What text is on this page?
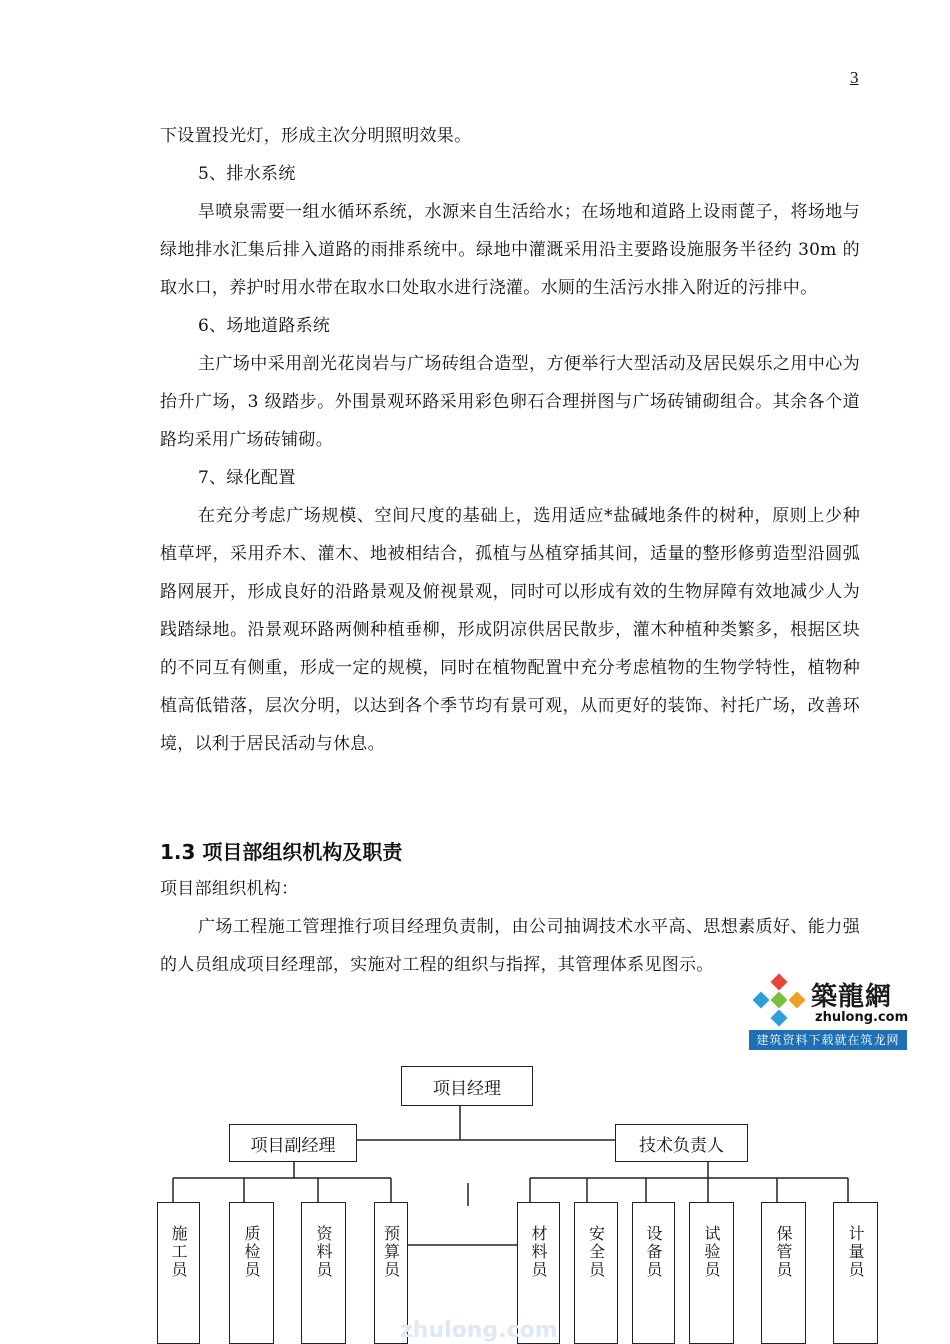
3

下设置投光灯，形成主次分明照明效果。

5、排水系统

旱喷泉需要一组水循环系统，水源来自生活给水；在场地和道路上设雨蓖子，将场地与绿地排水汇集后排入道路的雨排系统中。绿地中灌溉采用沿主要路设施服务半径约 30m 的取水口，养护时用水带在取水口处取水进行浇灌。水厕的生活污水排入附近的污排中。

6、场地道路系统

主广场中采用剖光花岗岩与广场砖组合造型，方便举行大型活动及居民娱乐之用中心为抬升广场，3 级踏步。外围景观环路采用彩色卵石合理拼图与广场砖铺砌组合。其余各个道路均采用广场砖铺砌。

7、绿化配置

在充分考虑广场规模、空间尺度的基础上，选用适应*盐碱地条件的树种，原则上少种植草坪，采用乔木、灌木、地被相结合，孤植与丛植穿插其间，适量的整形修剪造型沿圆弧路网展开，形成良好的沿路景观及俯视景观，同时可以形成有效的生物屏障有效地减少人为践踏绿地。沿景观环路两侧种植垂柳，形成阴凉供居民散步，灌木种植种类繁多，根据区块的不同互有侧重，形成一定的规模，同时在植物配置中充分考虑植物的生物学特性，植物种植高低错落，层次分明，以达到各个季节均有景可观，从而更好的装饰、衬托广场，改善环境，以利于居民活动与休息。

1.3 项目部组织机构及职责

项目部组织机构：

广场工程施工管理推行项目经理负责制，由公司抽调技术水平高、思想素质好、能力强的人员组成项目经理部，实施对工程的组织与指挥，其管理体系见图示。

築龍網
zhulong.com
建筑资料下载就在筑龙网
项目经理
项目副经理	技术负责人
施工员	质检员	资料员	预算员	材料员 安全员 设备员 试验员	保管员	计量员
zhulong.com
